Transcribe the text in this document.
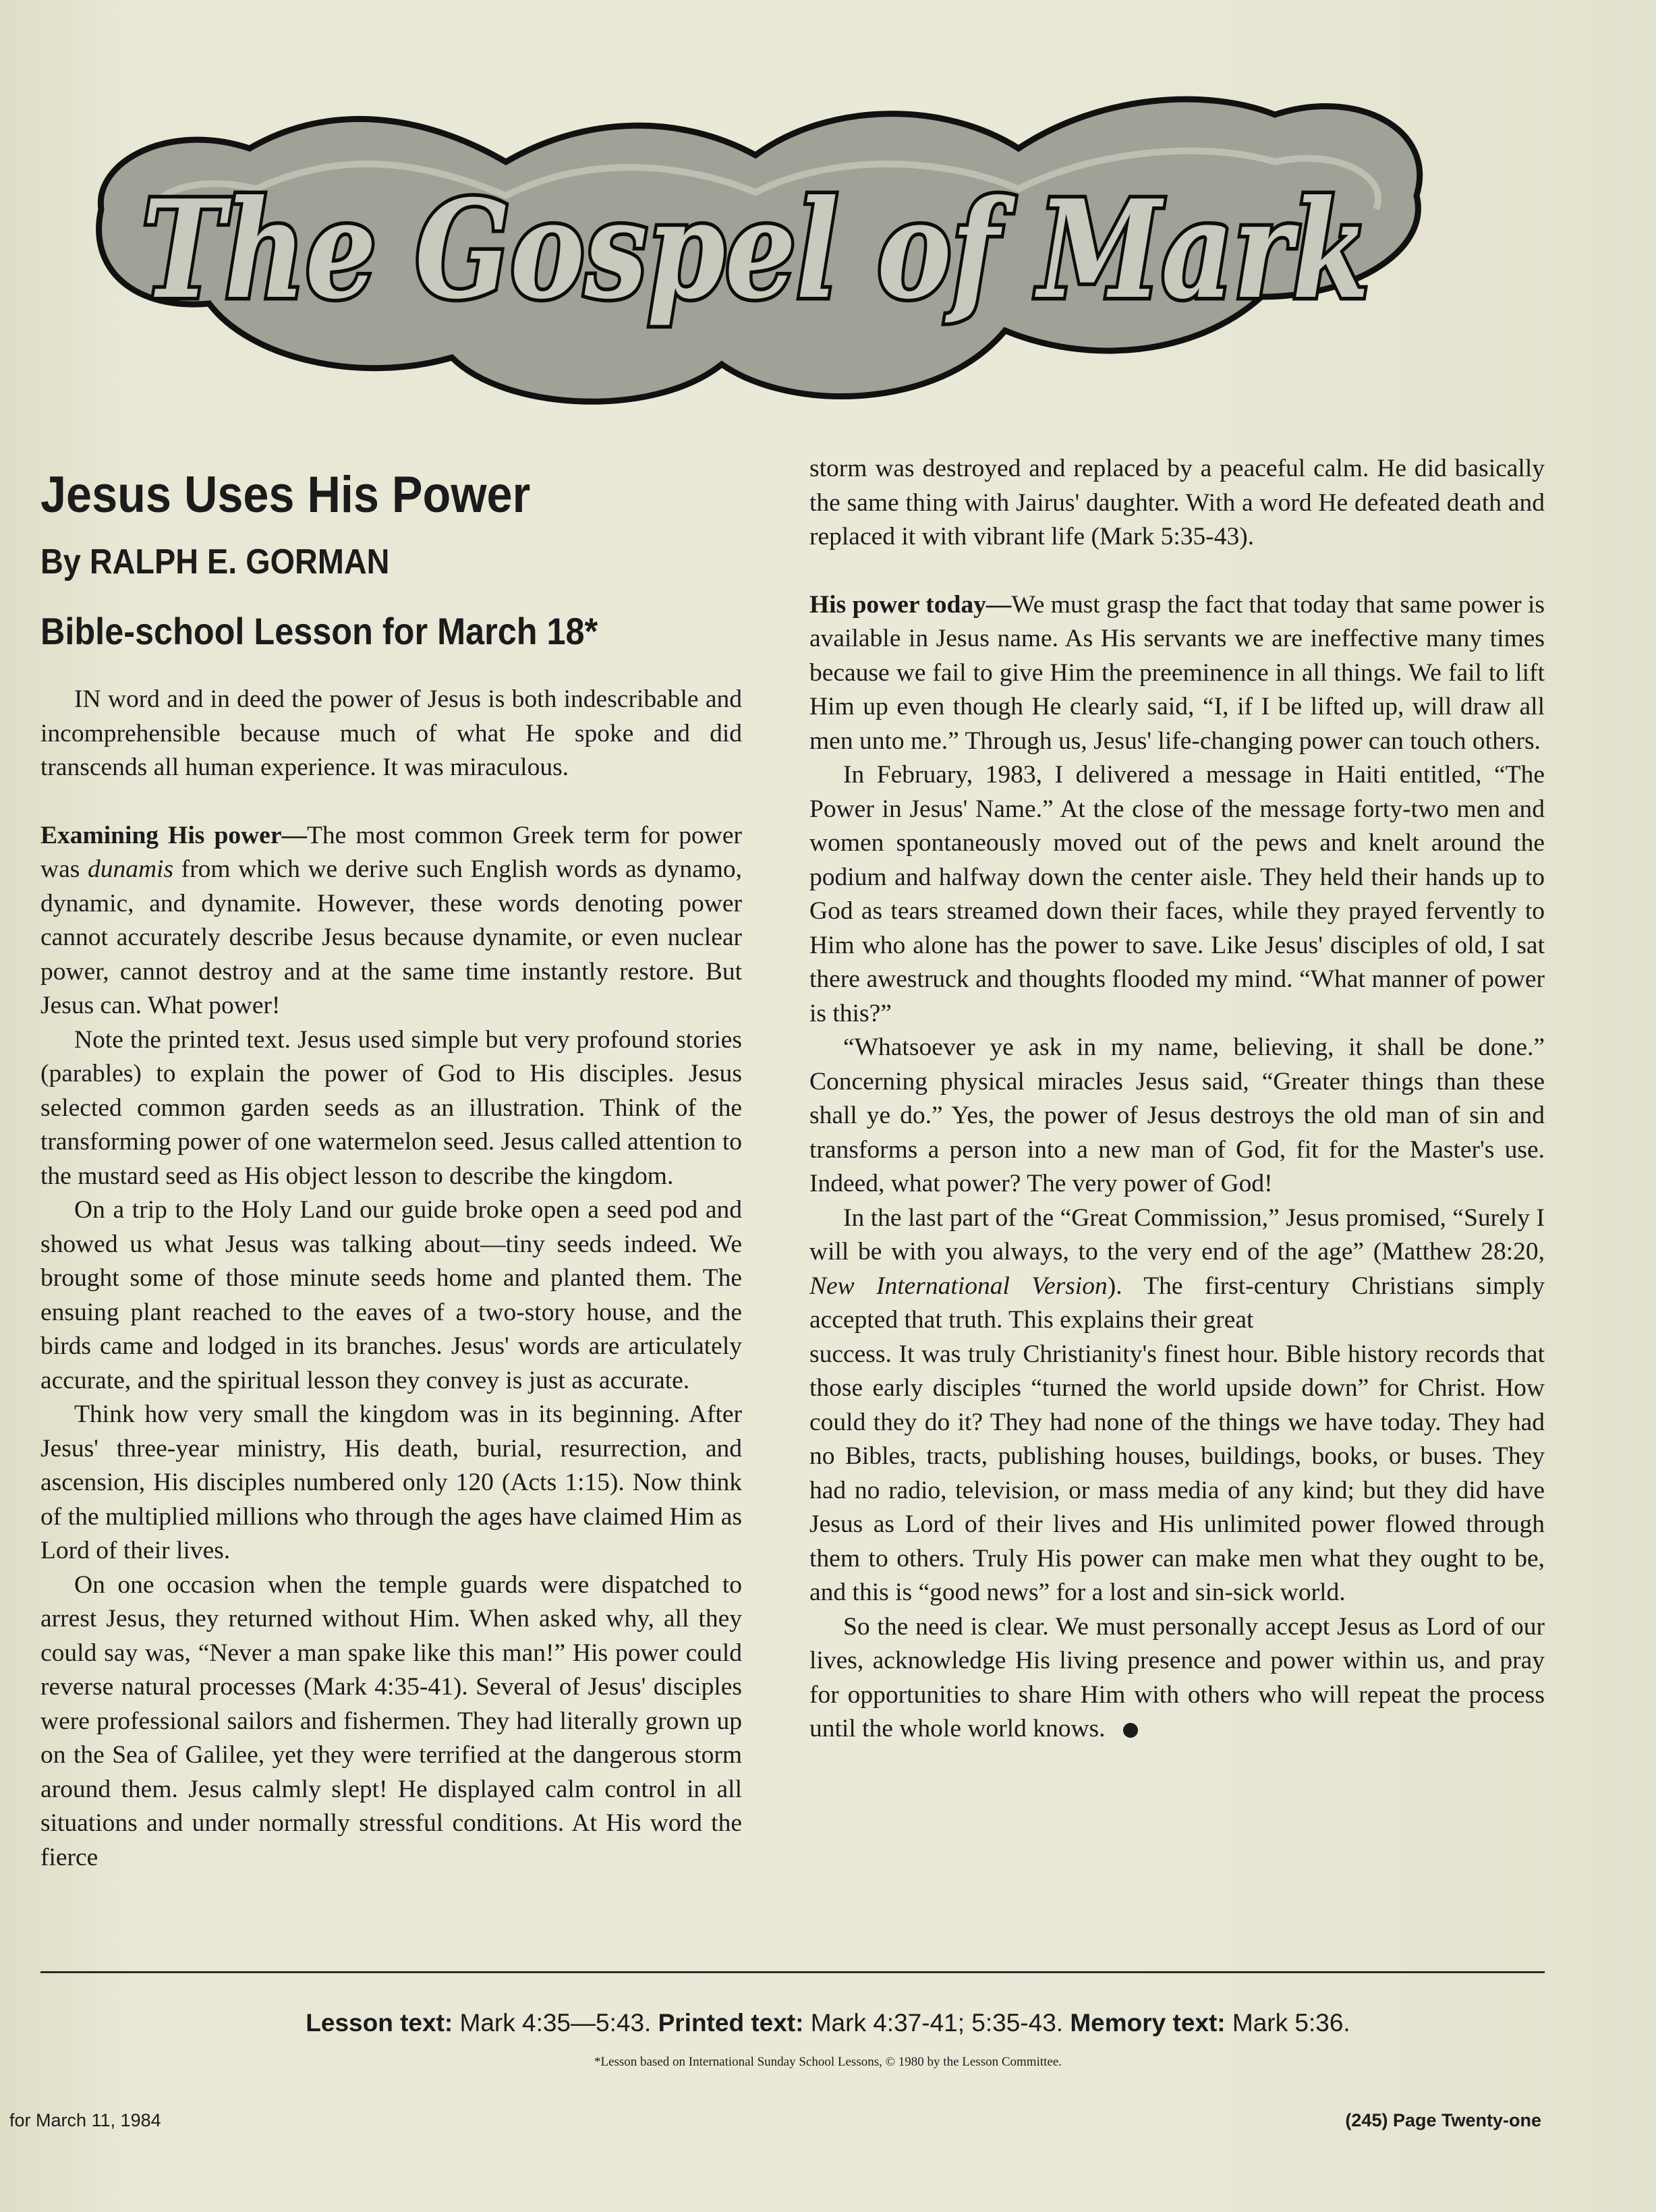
The Gospel of Mark
Jesus Uses His Power
By RALPH E. GORMAN
Bible-school Lesson for March 18*

IN word and in deed the power of Jesus is both indescribable and incomprehensible because much of what He spoke and did transcends all human experience. It was miraculous.

Examining His power—The most common Greek term for power was dunamis from which we derive such English words as dynamo, dynamic, and dynamite. However, these words denoting power cannot accurately describe Jesus because dynamite, or even nuclear power, cannot destroy and at the same time instantly restore. But Jesus can. What power!

Note the printed text. Jesus used simple but very profound stories (parables) to explain the power of God to His disciples. Jesus selected common garden seeds as an illustration. Think of the transforming power of one watermelon seed. Jesus called attention to the mustard seed as His object lesson to describe the kingdom.

On a trip to the Holy Land our guide broke open a seed pod and showed us what Jesus was talking about—tiny seeds indeed. We brought some of those minute seeds home and planted them. The ensuing plant reached to the eaves of a two-story house, and the birds came and lodged in its branches. Jesus' words are articulately accurate, and the spiritual lesson they convey is just as accurate.

Think how very small the kingdom was in its beginning. After Jesus' three-year ministry, His death, burial, resurrection, and ascension, His disciples numbered only 120 (Acts 1:15). Now think of the multiplied millions who through the ages have claimed Him as Lord of their lives.

On one occasion when the temple guards were dispatched to arrest Jesus, they returned without Him. When asked why, all they could say was, “Never a man spake like this man!” His power could reverse natural processes (Mark 4:35-41). Several of Jesus' disciples were professional sailors and fishermen. They had literally grown up on the Sea of Galilee, yet they were terrified at the dangerous storm around them. Jesus calmly slept! He displayed calm control in all situations and under normally stressful conditions. At His word the fierce

storm was destroyed and replaced by a peaceful calm. He did basically the same thing with Jairus' daughter. With a word He defeated death and replaced it with vibrant life (Mark 5:35-43).

His power today—We must grasp the fact that today that same power is available in Jesus name. As His servants we are ineffective many times because we fail to give Him the preeminence in all things. We fail to lift Him up even though He clearly said, “I, if I be lifted up, will draw all men unto me.” Through us, Jesus' life-changing power can touch others.

In February, 1983, I delivered a message in Haiti entitled, “The Power in Jesus' Name.” At the close of the message forty-two men and women spontaneously moved out of the pews and knelt around the podium and halfway down the center aisle. They held their hands up to God as tears streamed down their faces, while they prayed fervently to Him who alone has the power to save. Like Jesus' disciples of old, I sat there awestruck and thoughts flooded my mind. “What manner of power is this?”

“Whatsoever ye ask in my name, believing, it shall be done.” Concerning physical miracles Jesus said, “Greater things than these shall ye do.” Yes, the power of Jesus destroys the old man of sin and transforms a person into a new man of God, fit for the Master's use. Indeed, what power? The very power of God!

In the last part of the “Great Commission,” Jesus promised, “Surely I will be with you always, to the very end of the age” (Matthew 28:20, New International Version). The first-century Christians simply accepted that truth. This explains their great

success. It was truly Christianity's finest hour. Bible history records that those early disciples “turned the world upside down” for Christ. How could they do it? They had none of the things we have today. They had no Bibles, tracts, publishing houses, buildings, books, or buses. They had no radio, television, or mass media of any kind; but they did have Jesus as Lord of their lives and His unlimited power flowed through them to others. Truly His power can make men what they ought to be, and this is “good news” for a lost and sin-sick world.

So the need is clear. We must personally accept Jesus as Lord of our lives, acknowledge His living presence and power within us, and pray for opportunities to share Him with others who will repeat the process until the whole world knows.

Lesson text: Mark 4:35—5:43. Printed text: Mark 4:37-41; 5:35-43. Memory text: Mark 5:36.
*Lesson based on International Sunday School Lessons, © 1980 by the Lesson Committee.
for March 11, 1984	(245) Page Twenty-one
